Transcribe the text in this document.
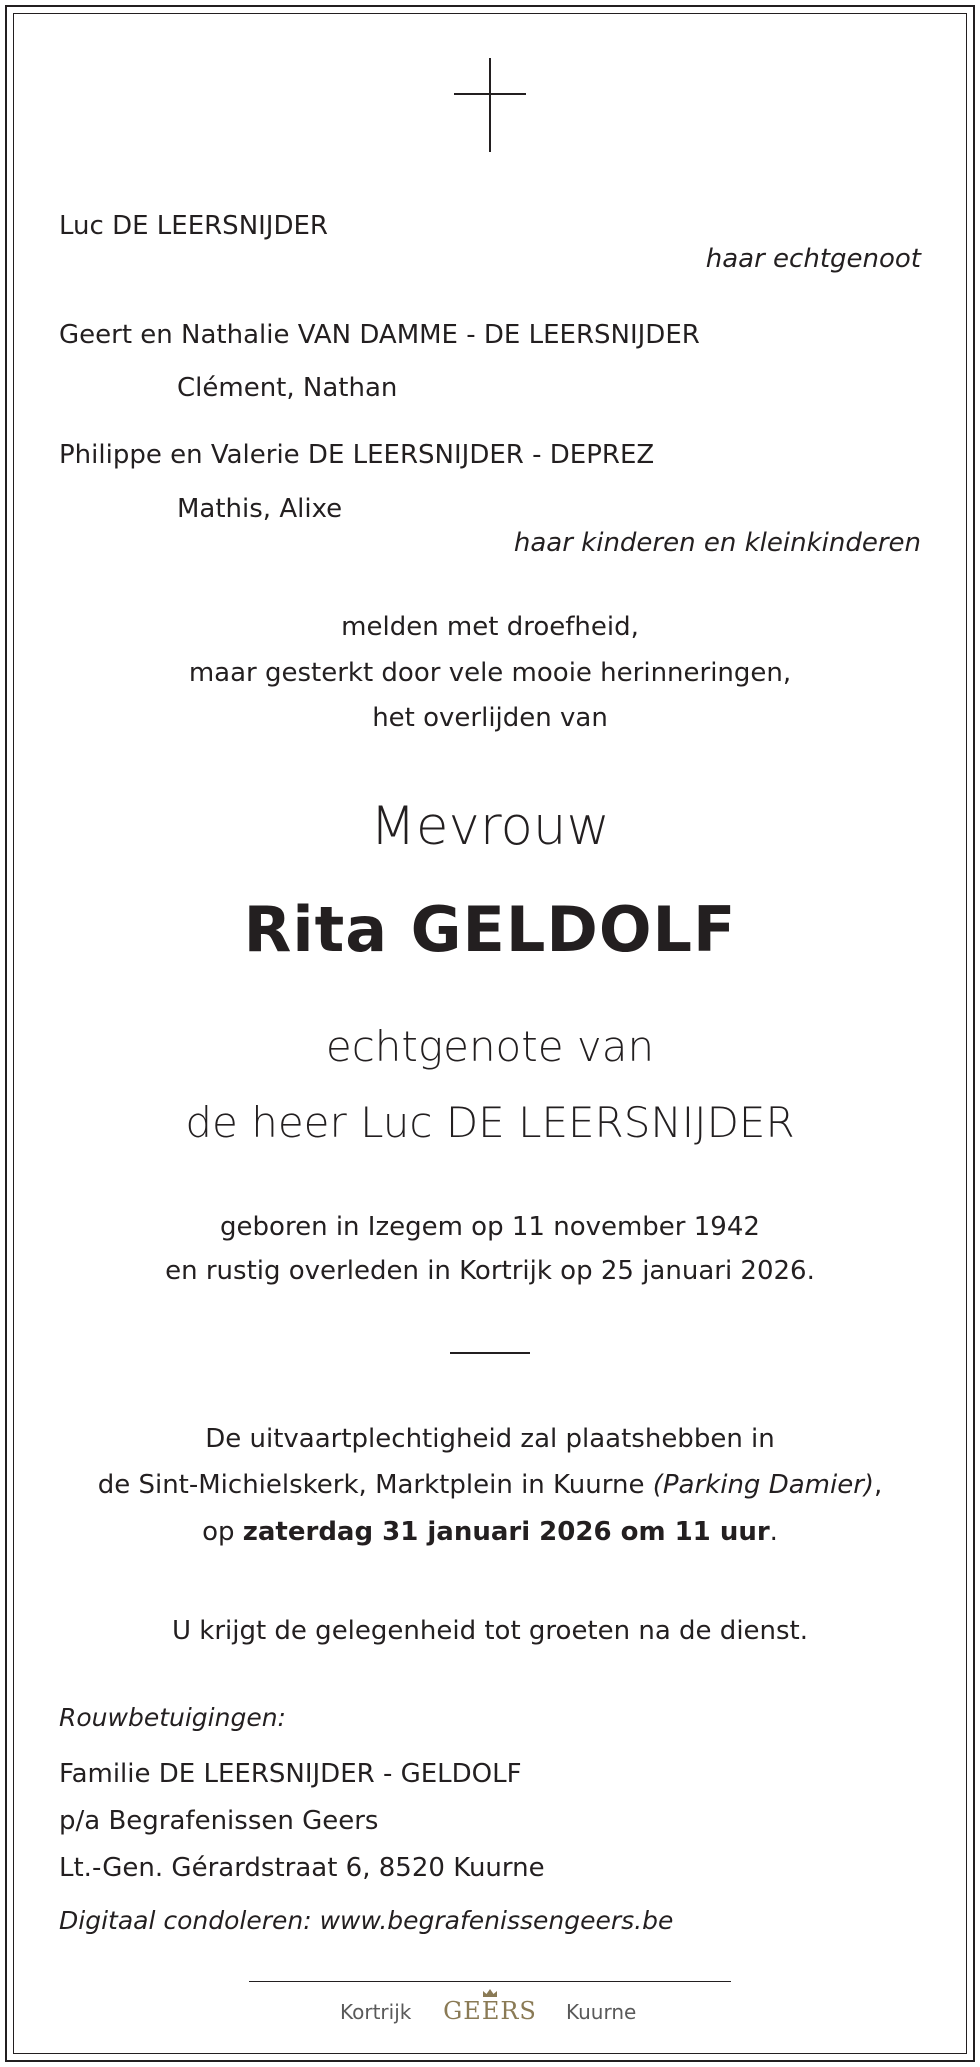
Luc DE LEERSNIJDER
haar echtgenoot
Geert en Nathalie VAN DAMME - DE LEERSNIJDER
Clément, Nathan
Philippe en Valerie DE LEERSNIJDER - DEPREZ
Mathis, Alixe
haar kinderen en kleinkinderen
melden met droefheid,
maar gesterkt door vele mooie herinneringen,
het overlijden van
Mevrouw
Rita GELDOLF
echtgenote van
de heer Luc DE LEERSNIJDER
geboren in Izegem op 11 november 1942
en rustig overleden in Kortrijk op 25 januari 2026.
De uitvaartplechtigheid zal plaatshebben in
de Sint-Michielskerk, Marktplein in Kuurne (Parking Damier),
op zaterdag 31 januari 2026 om 11 uur.
U krijgt de gelegenheid tot groeten na de dienst.
Rouwbetuigingen:
Familie DE LEERSNIJDER - GELDOLF
p/a Begrafenissen Geers
Lt.-Gen. Gérardstraat 6, 8520 Kuurne
Digitaal condoleren: www.begrafenissengeers.be
Kortrijk GEERS Kuurne
